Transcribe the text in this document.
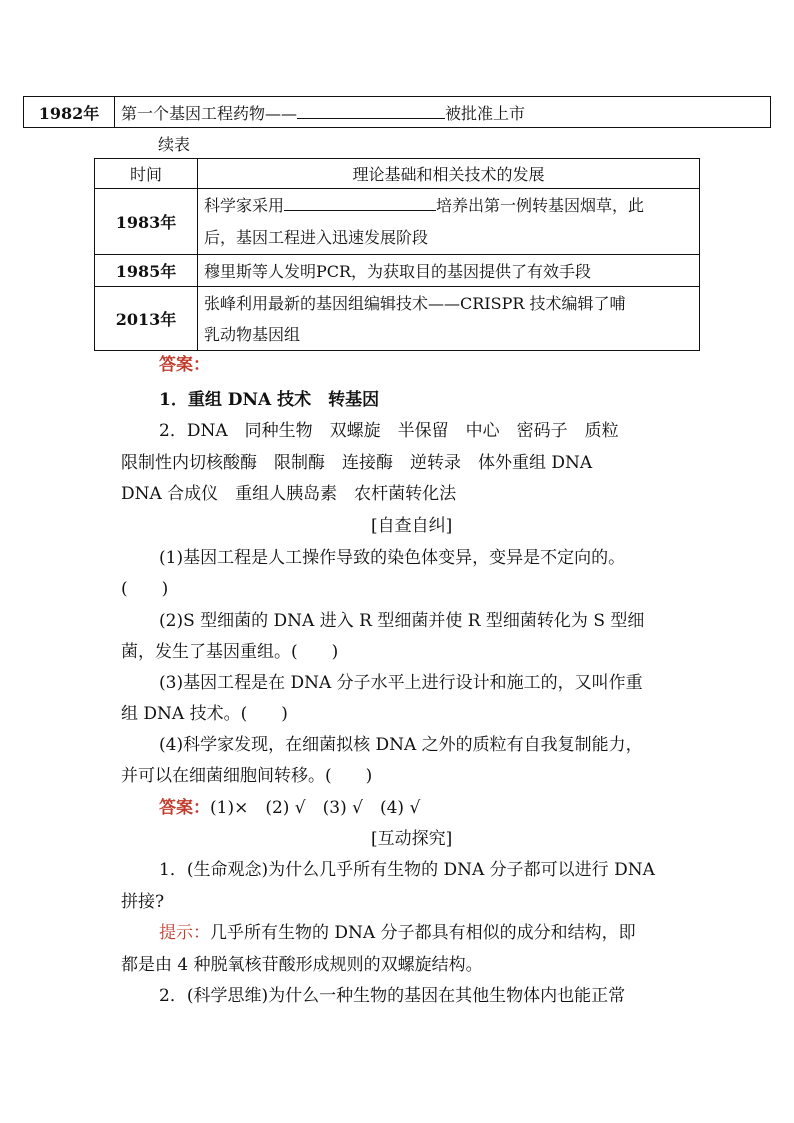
1982年	第一个基因工程药物——	被批准上市
续表
时间	理论基础和相关技术的发展
1983年	科学家采用 培养出第一例转基因烟草，此
后，基因工程进入迅速发展阶段

1985年	穆里斯等人发明PCR，为获取目的基因提供了有效手段
2013年	张峰利用最新的基因组编辑技术——CRISPR 技术编辑了哺
乳动物基因组
答案：
1．重组 DNA 技术　转基因
2．DNA　同种生物　双螺旋　半保留　中心　密码子　质粒
限制性内切核酸酶　限制酶　连接酶　逆转录　体外重组 DNA
DNA 合成仪　重组人胰岛素　农杆菌转化法
[自查自纠]
(1)基因工程是人工操作导致的染色体变异，变异是不定向的。
(　　)
(2)S 型细菌的 DNA 进入 R 型细菌并使 R 型细菌转化为 S 型细
菌，发生了基因重组。(　　)
(3)基因工程是在 DNA 分子水平上进行设计和施工的，又叫作重
组 DNA 技术。(　　)
(4)科学家发现，在细菌拟核 DNA 之外的质粒有自我复制能力，
并可以在细菌细胞间转移。(　　)
答案：(1)×　(2) √　(3) √　(4) √
[互动探究]
1．(生命观念)为什么几乎所有生物的 DNA 分子都可以进行 DNA
拼接?
提示：几乎所有生物的 DNA 分子都具有相似的成分和结构，即
都是由 4 种脱氧核苷酸形成规则的双螺旋结构。
2．(科学思维)为什么一种生物的基因在其他生物体内也能正常
